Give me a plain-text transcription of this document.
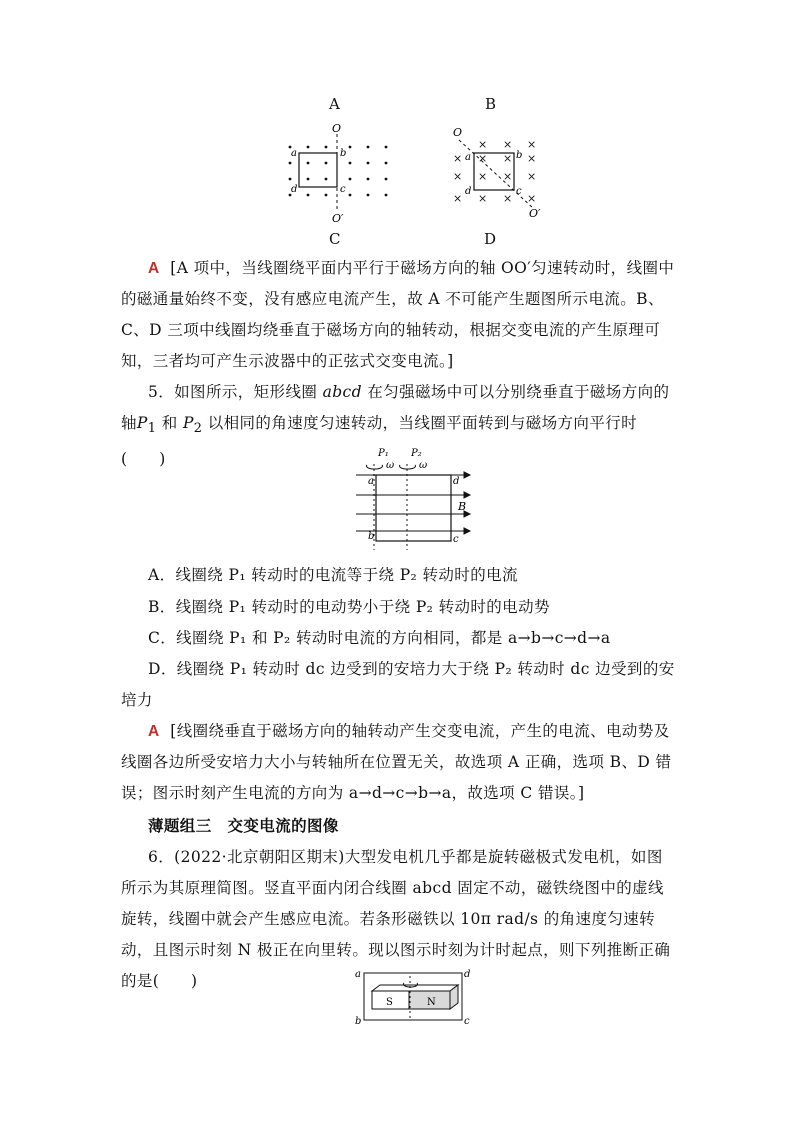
A	B
O
O′
a	b
c
d
× × ×
× × × ×
× × × ×
× × × ×
O
O′
a	b
c
d
C	D
A [A 项中，当线圈绕平面内平行于磁场方向的轴 OO′匀速转动时，线圈中的磁通量始终不变，没有感应电流产生，故 A 不可能产生题图所示电流。B、C、D 三项中线圈均绕垂直于磁场方向的轴转动，根据交变电流的产生原理可知，三者均可产生示波器中的正弦式交变电流。]
5．如图所示，矩形线圈 abcd 在匀强磁场中可以分别绕垂直于磁场方向的轴$P_1$ 和 $P_2$ 以相同的角速度匀速转动，当线圈平面转到与磁场方向平行时(　　)	P₁ P₂
ω ω
a	d
b	c
B
A．线圈绕 P₁ 转动时的电流等于绕 P₂ 转动时的电流
B．线圈绕 P₁ 转动时的电动势小于绕 P₂ 转动时的电动势
C．线圈绕 P₁ 和 P₂ 转动时电流的方向相同，都是 a→b→c→d→a
D．线圈绕 P₁ 转动时 dc 边受到的安培力大于绕 P₂ 转动时 dc 边受到的安培力
A [线圈绕垂直于磁场方向的轴转动产生交变电流，产生的电流、电动势及线圈各边所受安培力大小与转轴所在位置无关，故选项 A 正确，选项 B、D 错误；图示时刻产生电流的方向为 a→d→c→b→a，故选项 C 错误。]
薄题组三　交变电流的图像
6．(2022·北京朝阳区期末)大型发电机几乎都是旋转磁极式发电机，如图所示为其原理简图。竖直平面内闭合线圈 abcd 固定不动，磁铁绕图中的虚线旋转，线圈中就会产生感应电流。若条形磁铁以 10π rad/s 的角速度匀速转动，且图示时刻 N 极正在向里转。现以图示时刻为计时起点，则下列推断正确的是(　　)
S	N
a	d
b	c
